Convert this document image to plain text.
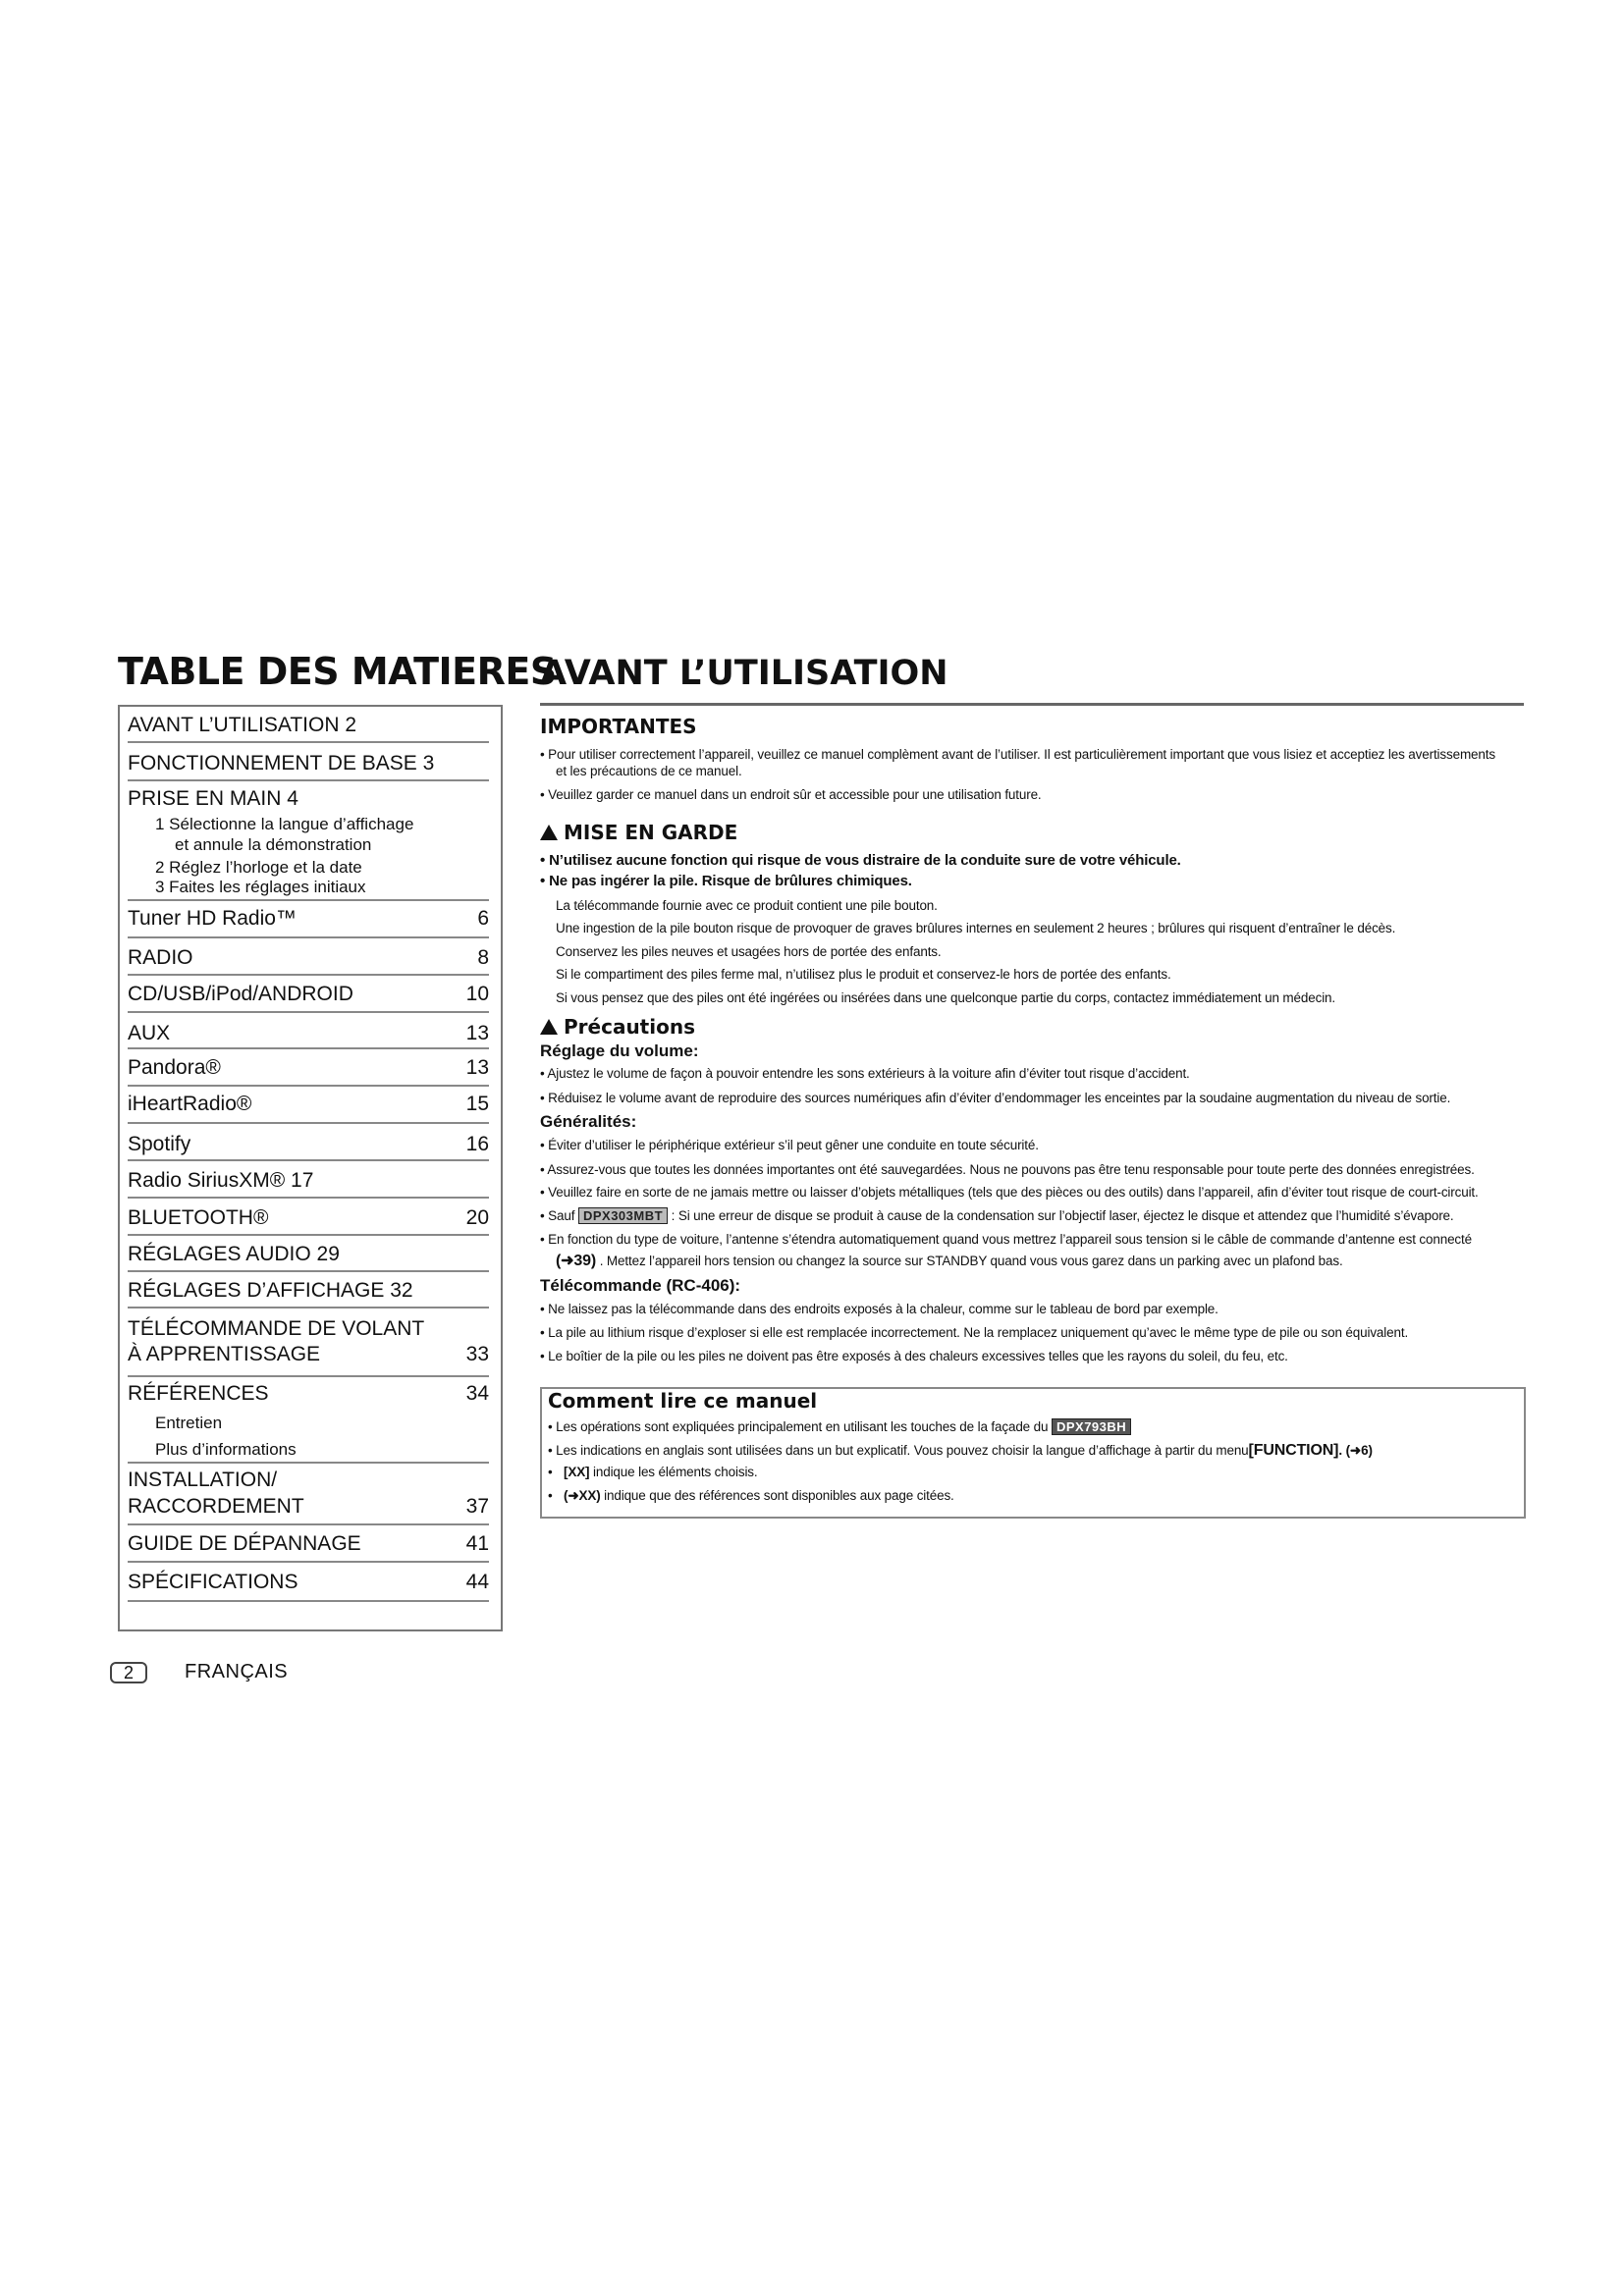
TABLE DES MATIERES
AVANT L’UTILISATION 2
FONCTIONNEMENT DE BASE 3
PRISE EN MAIN 4
1 Sélectionne la langue d’affichage
et annule la démonstration
2 Réglez l’horloge et la date
3 Faites les réglages initiaux
Tuner HD Radio™	6
RADIO	8
CD/USB/iPod/ANDROID	10
AUX	13
Pandora®	13
iHeartRadio®	15
Spotify	16
Radio SiriusXM® 17
BLUETOOTH®	20
RÉGLAGES AUDIO 29
RÉGLAGES D’AFFICHAGE 32
TÉLÉCOMMANDE DE VOLANT
À APPRENTISSAGE	33
RÉFÉRENCES	34
Entretien
Plus d’informations
INSTALLATION/
RACCORDEMENT	37
GUIDE DE DÉPANNAGE	41
SPÉCIFICATIONS	44
AVANT L’UTILISATION
IMPORTANTES
• Pour utiliser correctement l’appareil, veuillez ce manuel complèment avant de l’utiliser. Il est particulièrement important que vous lisiez et acceptiez les avertissements
et les précautions de ce manuel.
• Veuillez garder ce manuel dans un endroit sûr et accessible pour une utilisation future.
MISE EN GARDE
• N’utilisez aucune fonction qui risque de vous distraire de la conduite sure de votre véhicule.
• Ne pas ingérer la pile. Risque de brûlures chimiques.
La télécommande fournie avec ce produit contient une pile bouton.
Une ingestion de la pile bouton risque de provoquer de graves brûlures internes en seulement 2 heures ; brûlures qui risquent d’entraîner le décès.
Conservez les piles neuves et usagées hors de portée des enfants.
Si le compartiment des piles ferme mal, n’utilisez plus le produit et conservez-le hors de portée des enfants.
Si vous pensez que des piles ont été ingérées ou insérées dans une quelconque partie du corps, contactez immédiatement un médecin.
Précautions
Réglage du volume:
• Ajustez le volume de façon à pouvoir entendre les sons extérieurs à la voiture afin d’éviter tout risque d’accident.
• Réduisez le volume avant de reproduire des sources numériques afin d’éviter d’endommager les enceintes par la soudaine augmentation du niveau de sortie.
Généralités:
• Éviter d’utiliser le périphérique extérieur s’il peut gêner une conduite en toute sécurité.
• Assurez-vous que toutes les données importantes ont été sauvegardées. Nous ne pouvons pas être tenu responsable pour toute perte des données enregistrées.
• Veuillez faire en sorte de ne jamais mettre ou laisser d’objets métalliques (tels que des pièces ou des outils) dans l’appareil, afin d’éviter tout risque de court-circuit.
• Sauf DPX303MBT : Si une erreur de disque se produit à cause de la condensation sur l’objectif laser, éjectez le disque et attendez que l’humidité s’évapore.
• En fonction du type de voiture, l’antenne s’étendra automatiquement quand vous mettrez l’appareil sous tension si le câble de commande d’antenne est connecté
(➜39) . Mettez l’appareil hors tension ou changez la source sur STANDBY quand vous vous garez dans un parking avec un plafond bas.
Télécommande (RC-406):
• Ne laissez pas la télécommande dans des endroits exposés à la chaleur, comme sur le tableau de bord par exemple.
• La pile au lithium risque d’exploser si elle est remplacée incorrectement. Ne la remplacez uniquement qu’avec le même type de pile ou son équivalent.
• Le boîtier de la pile ou les piles ne doivent pas être exposés à des chaleurs excessives telles que les rayons du soleil, du feu, etc.
Comment lire ce manuel
• Les opérations sont expliquées principalement en utilisant les touches de la façade du DPX793BH
• Les indications en anglais sont utilisées dans un but explicatif. Vous pouvez choisir la langue d’affichage à partir du menu[FUNCTION]. (➜6)
• [XX] indique les éléments choisis.
• (➜XX) indique que des références sont disponibles aux page citées.
2	FRANÇAIS
